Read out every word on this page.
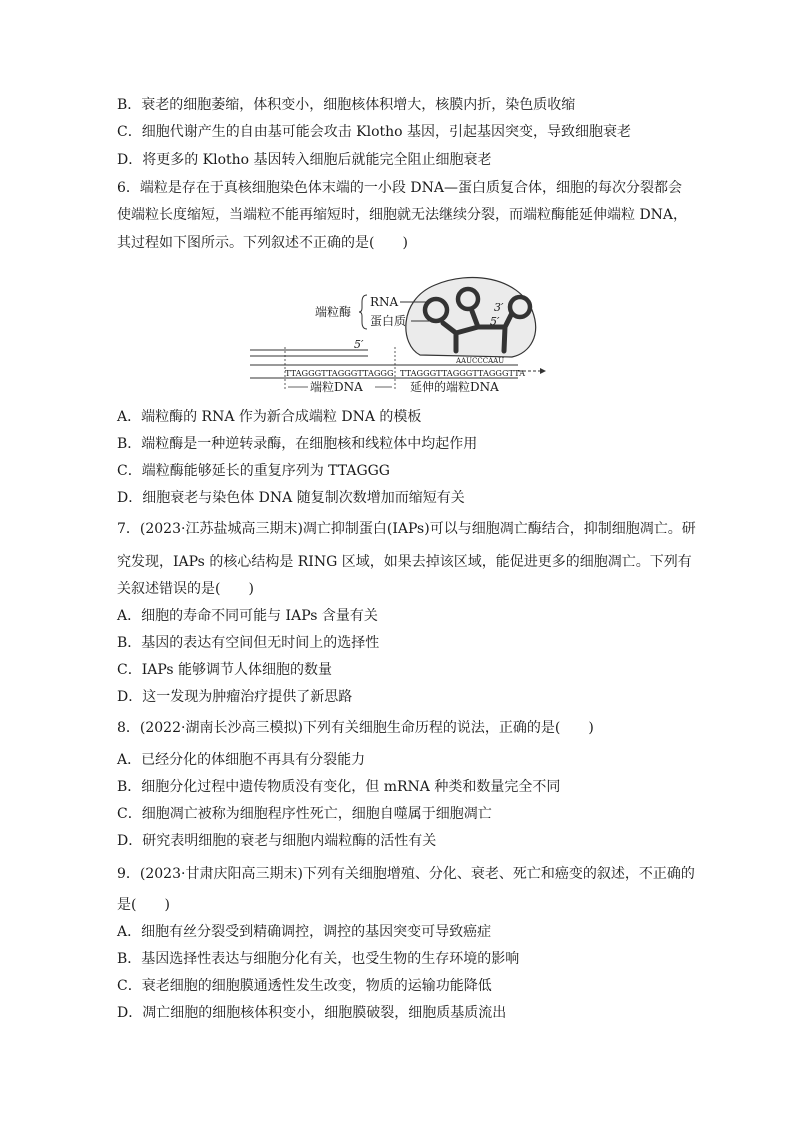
B．衰老的细胞萎缩，体积变小，细胞核体积增大，核膜内折，染色质收缩
C．细胞代谢产生的自由基可能会攻击 Klotho 基因，引起基因突变，导致细胞衰老
D．将更多的 Klotho 基因转入细胞后就能完全阻止细胞衰老
6．端粒是存在于真核细胞染色体末端的一小段 DNA—蛋白质复合体，细胞的每次分裂都会
使端粒长度缩短，当端粒不能再缩短时，细胞就无法继续分裂，而端粒酶能延伸端粒 DNA，
其过程如下图所示。下列叙述不正确的是(　　)
端粒酶
RNA
蛋白质
3′
5′
AAUCCCAAU
5′
TTAGGGTTAGGGTTAGGG TTAGGGTTAGGGTTAGGGTTA
端粒DNA	延伸的端粒DNA
A．端粒酶的 RNA 作为新合成端粒 DNA 的模板
B．端粒酶是一种逆转录酶，在细胞核和线粒体中均起作用
C．端粒酶能够延长的重复序列为 TTAGGG
D．细胞衰老与染色体 DNA 随复制次数增加而缩短有关
7．(2023·江苏盐城高三期末)凋亡抑制蛋白(IAPs)可以与细胞凋亡酶结合，抑制细胞凋亡。研
究发现，IAPs 的核心结构是 RING 区域，如果去掉该区域，能促进更多的细胞凋亡。下列有
关叙述错误的是(　　)
A．细胞的寿命不同可能与 IAPs 含量有关
B．基因的表达有空间但无时间上的选择性
C．IAPs 能够调节人体细胞的数量
D．这一发现为肿瘤治疗提供了新思路
8．(2022·湖南长沙高三模拟)下列有关细胞生命历程的说法，正确的是(　　)
A．已经分化的体细胞不再具有分裂能力
B．细胞分化过程中遗传物质没有变化，但 mRNA 种类和数量完全不同
C．细胞凋亡被称为细胞程序性死亡，细胞自噬属于细胞凋亡
D．研究表明细胞的衰老与细胞内端粒酶的活性有关
9．(2023·甘肃庆阳高三期末)下列有关细胞增殖、分化、衰老、死亡和癌变的叙述，不正确的
是(　　)
A．细胞有丝分裂受到精确调控，调控的基因突变可导致癌症
B．基因选择性表达与细胞分化有关，也受生物的生存环境的影响
C．衰老细胞的细胞膜通透性发生改变，物质的运输功能降低
D．凋亡细胞的细胞核体积变小，细胞膜破裂，细胞质基质流出
